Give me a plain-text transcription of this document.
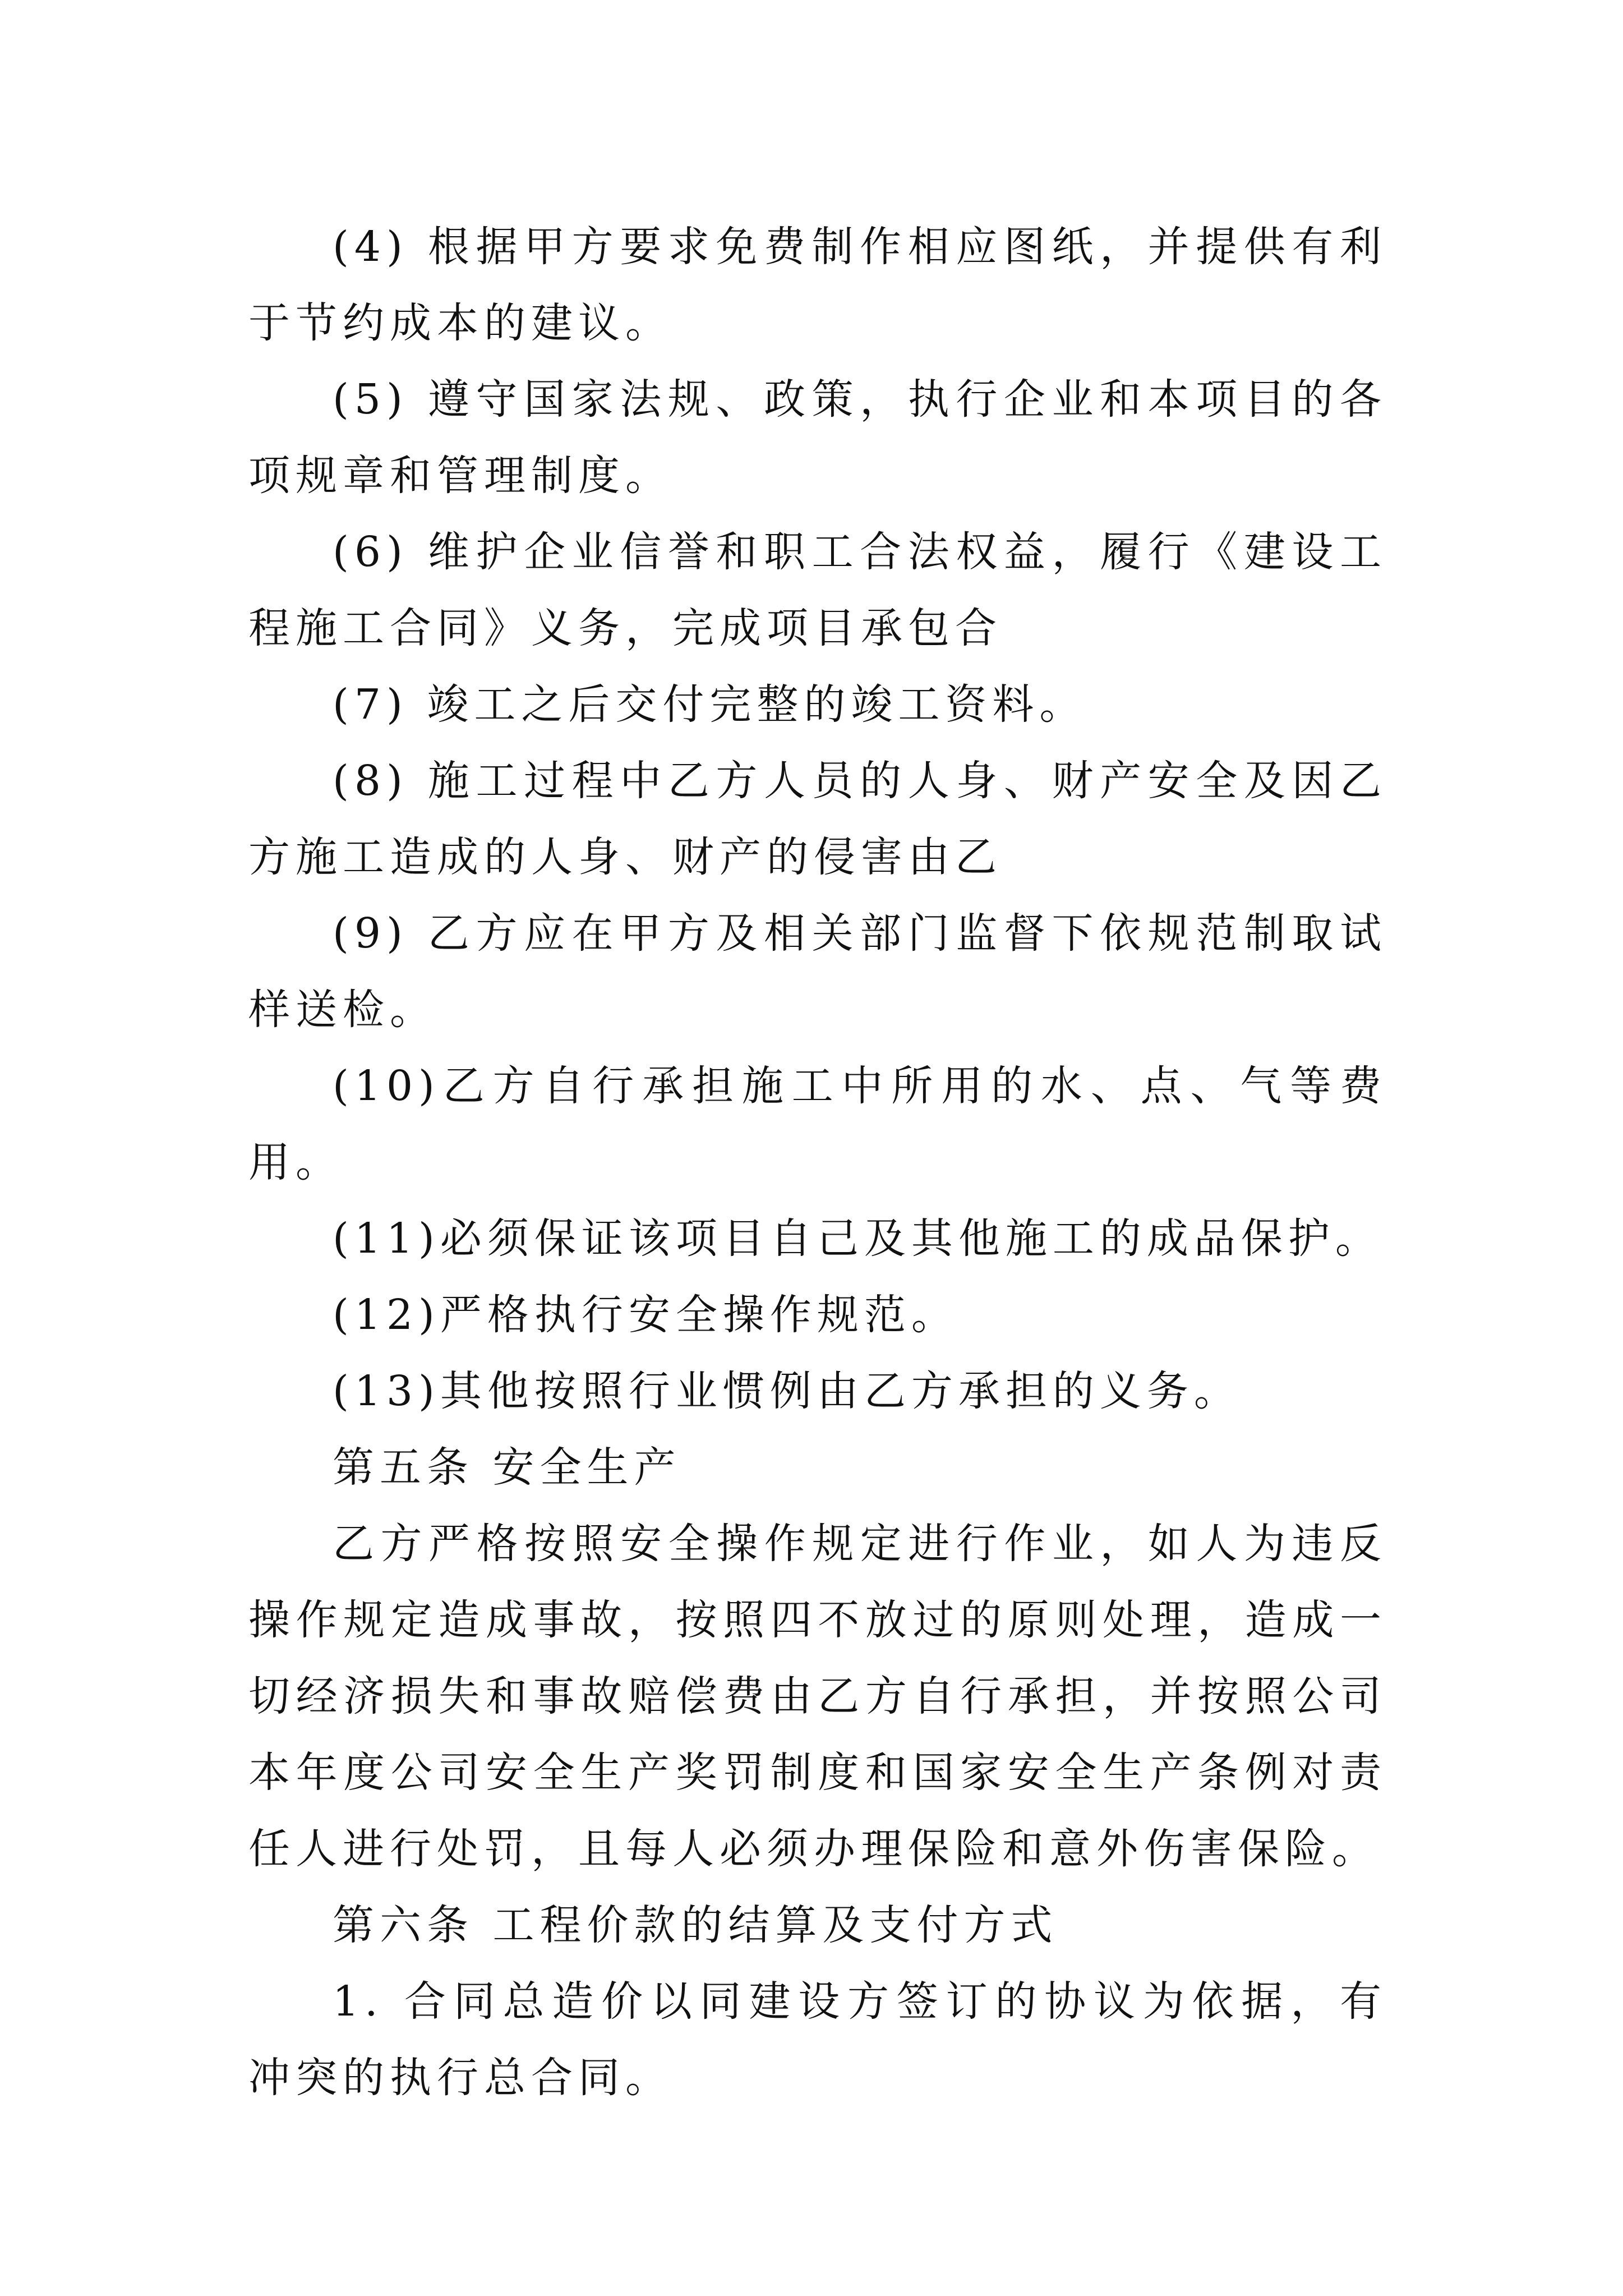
(4) 根据甲方要求免费制作相应图纸，并提供有利于节约成本的建议。

(5) 遵守国家法规、政策，执行企业和本项目的各项规章和管理制度。

(6) 维护企业信誉和职工合法权益，履行《建设工程施工合同》义务，完成项目承包合

(7) 竣工之后交付完整的竣工资料。

(8) 施工过程中乙方人员的人身、财产安全及因乙方施工造成的人身、财产的侵害由乙

(9) 乙方应在甲方及相关部门监督下依规范制取试样送检。

(10)乙方自行承担施工中所用的水、点、气等费用。

(11)必须保证该项目自己及其他施工的成品保护。

(12)严格执行安全操作规范。

(13)其他按照行业惯例由乙方承担的义务。

第五条 安全生产

乙方严格按照安全操作规定进行作业，如人为违反操作规定造成事故，按照四不放过的原则处理，造成一切经济损失和事故赔偿费由乙方自行承担，并按照公司本年度公司安全生产奖罚制度和国家安全生产条例对责任人进行处罚，且每人必须办理保险和意外伤害保险。

第六条 工程价款的结算及支付方式

1. 合同总造价以同建设方签订的协议为依据，有冲突的执行总合同。
